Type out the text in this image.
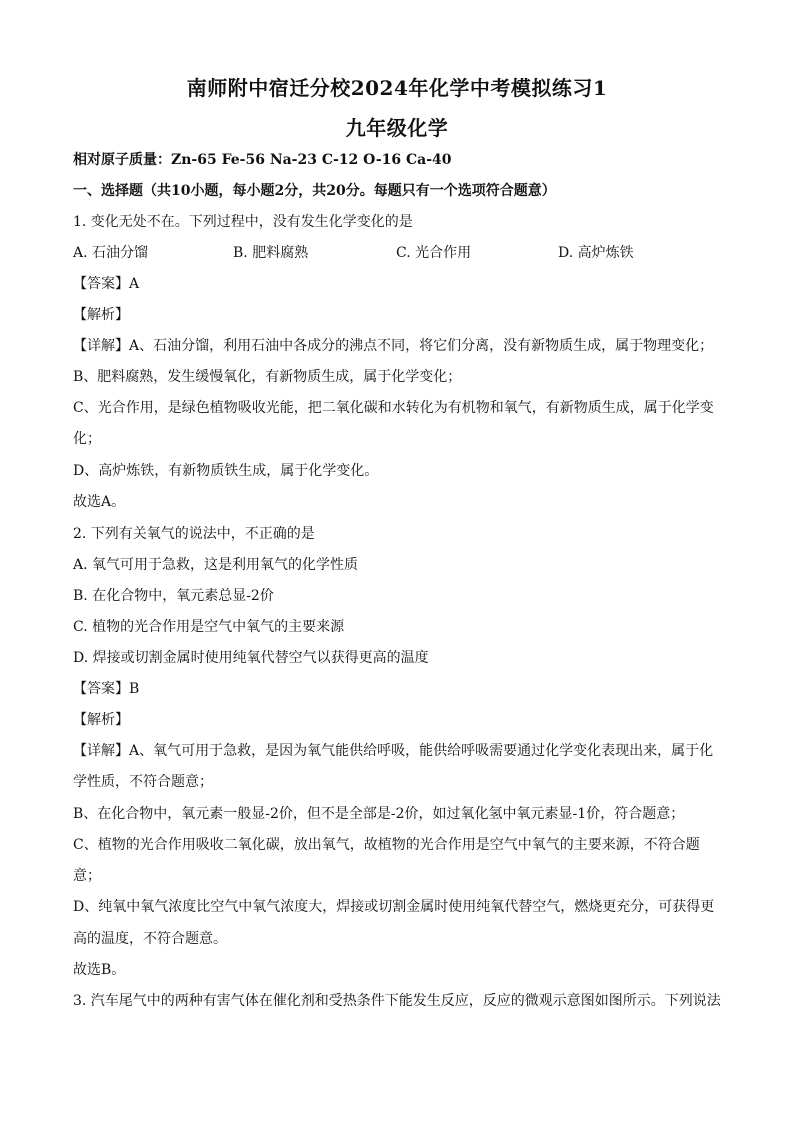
南师附中宿迁分校2024年化学中考模拟练习1
九年级化学
相对原子质量：Zn-65 Fe-56 Na-23 C-12 O-16 Ca-40
一、选择题（共10小题，每小题2分，共20分。每题只有一个选项符合题意）
1. 变化无处不在。下列过程中，没有发生化学变化的是
A. 石油分馏	B. 肥料腐熟	C. 光合作用	D. 高炉炼铁
【答案】A
【解析】
【详解】A、石油分馏，利用石油中各成分的沸点不同，将它们分离，没有新物质生成，属于物理变化；
B、肥料腐熟，发生缓慢氧化，有新物质生成，属于化学变化；
C、光合作用，是绿色植物吸收光能，把二氧化碳和水转化为有机物和氧气，有新物质生成，属于化学变
化；
D、高炉炼铁，有新物质铁生成，属于化学变化。
故选A。
2. 下列有关氧气的说法中，不正确的是
A. 氧气可用于急救，这是利用氧气的化学性质
B. 在化合物中，氧元素总显-2价
C. 植物的光合作用是空气中氧气的主要来源
D. 焊接或切割金属时使用纯氧代替空气以获得更高的温度
【答案】B
【解析】
【详解】A、氧气可用于急救，是因为氧气能供给呼吸，能供给呼吸需要通过化学变化表现出来，属于化
学性质，不符合题意；
B、在化合物中，氧元素一般显-2价，但不是全部是-2价，如过氧化氢中氧元素显-1价，符合题意；
C、植物的光合作用吸收二氧化碳，放出氧气，故植物的光合作用是空气中氧气的主要来源，不符合题
意；
D、纯氧中氧气浓度比空气中氧气浓度大，焊接或切割金属时使用纯氧代替空气，燃烧更充分，可获得更
高的温度，不符合题意。
故选B。
3. 汽车尾气中的两种有害气体在催化剂和受热条件下能发生反应，反应的微观示意图如图所示。下列说法
